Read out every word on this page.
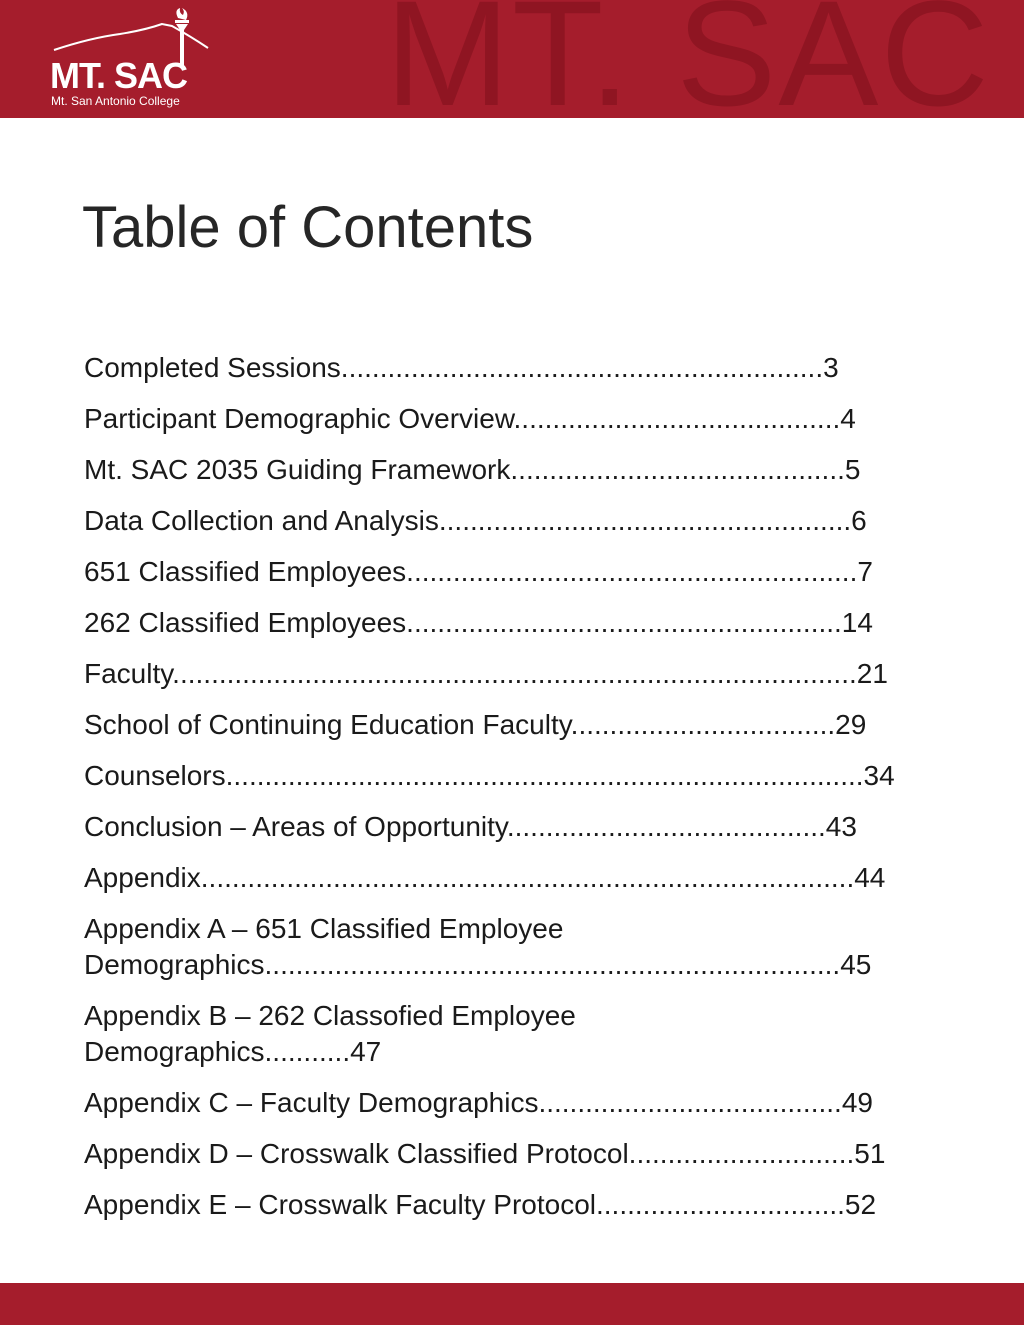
MT. SAC
MT. SAC
Mt. San Antonio College
Table of Contents
Completed Sessions..............................................................3
Participant Demographic Overview..........................................4
Mt. SAC 2035 Guiding Framework...........................................5
Data Collection and Analysis.....................................................6
651 Classified Employees..........................................................7
262 Classified Employees........................................................14
Faculty........................................................................................21
School of Continuing Education Faculty..................................29
Counselors..................................................................................34
Conclusion – Areas of Opportunity.........................................43
Appendix....................................................................................44
Appendix A – 651 Classified Employee
Demographics..........................................................................45
Appendix B – 262 Classofied Employee
Demographics...........47
Appendix C – Faculty Demographics.......................................49
Appendix D – Crosswalk Classified Protocol.............................51
Appendix E – Crosswalk Faculty Protocol................................52
